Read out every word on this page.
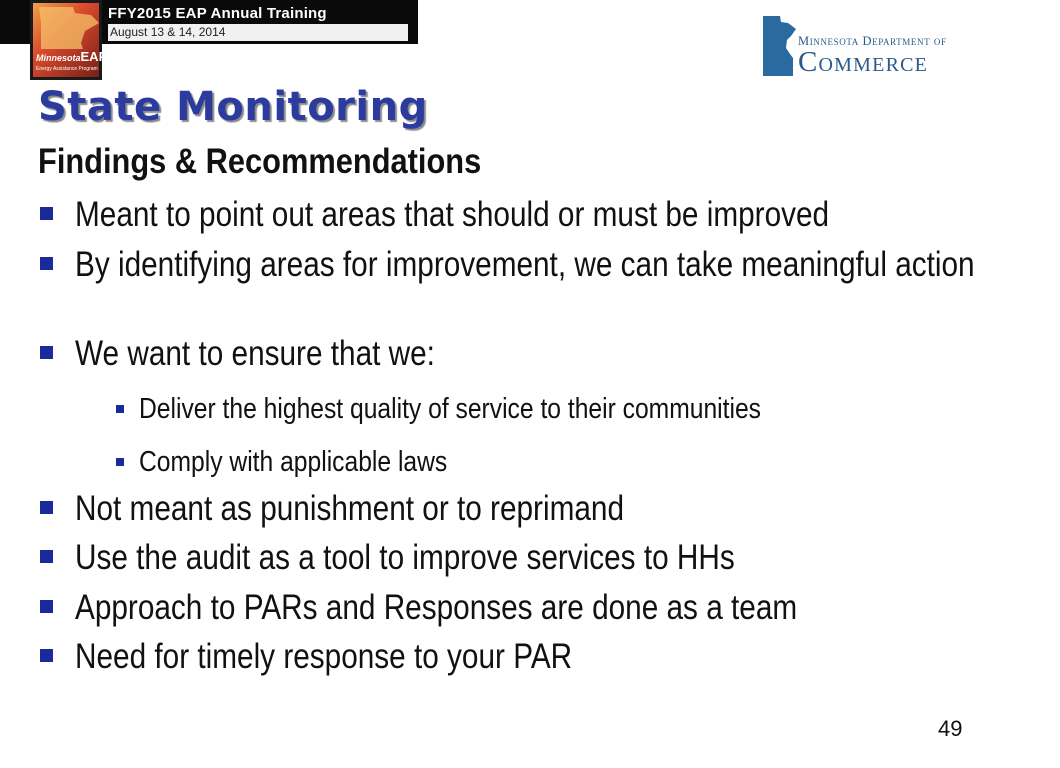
FFY2015 EAP Annual Training
August 13 & 14, 2014
MinnesotaEAP
Energy Assistance Program
Minnesota Department of
Commerce
State Monitoring
Findings & Recommendations
Meant to point out areas that should or must be improved
By identifying areas for improvement, we can take meaningful action
We want to ensure that we:
Deliver the highest quality of service to their communities
Comply with applicable laws
Not meant as punishment or to reprimand
Use the audit as a tool to improve services to HHs
Approach to PARs and Responses are done as a team
Need for timely response to your PAR
49
